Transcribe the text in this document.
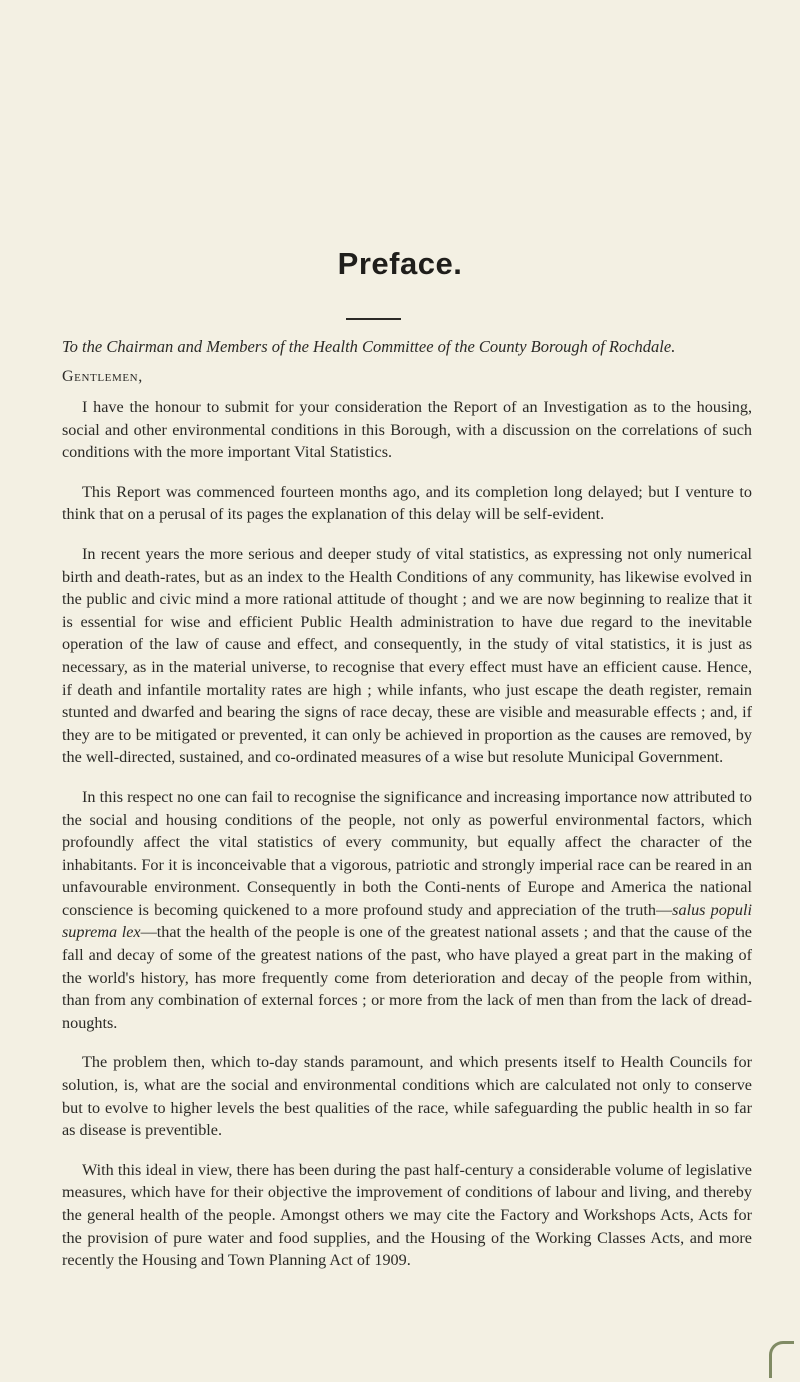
Preface.
To the Chairman and Members of the Health Committee of the County Borough of Rochdale.
Gentlemen,

I have the honour to submit for your consideration the Report of an Investigation as to the housing, social and other environmental conditions in this Borough, with a discussion on the correlations of such conditions with the more important Vital Statistics.

This Report was commenced fourteen months ago, and its completion long delayed; but I venture to think that on a perusal of its pages the explanation of this delay will be self-evident.

In recent years the more serious and deeper study of vital statistics, as expressing not only numerical birth and death-rates, but as an index to the Health Conditions of any community, has likewise evolved in the public and civic mind a more rational attitude of thought ; and we are now beginning to realize that it is essential for wise and efficient Public Health administration to have due regard to the inevitable operation of the law of cause and effect, and consequently, in the study of vital statistics, it is just as necessary, as in the material universe, to recognise that every effect must have an efficient cause. Hence, if death and infantile mortality rates are high ; while infants, who just escape the death register, remain stunted and dwarfed and bearing the signs of race decay, these are visible and measurable effects ; and, if they are to be mitigated or prevented, it can only be achieved in proportion as the causes are removed, by the well-directed, sustained, and co-ordinated measures of a wise but resolute Municipal Government.

In this respect no one can fail to recognise the significance and increasing importance now attributed to the social and housing conditions of the people, not only as powerful environmental factors, which profoundly affect the vital statistics of every community, but equally affect the character of the inhabitants. For it is inconceivable that a vigorous, patriotic and strongly imperial race can be reared in an unfavourable environment. Consequently in both the Conti-nents of Europe and America the national conscience is becoming quickened to a more profound study and appreciation of the truth—salus populi suprema lex—that the health of the people is one of the greatest national assets ; and that the cause of the fall and decay of some of the greatest nations of the past, who have played a great part in the making of the world's history, has more frequently come from deterioration and decay of the people from within, than from any combination of external forces ; or more from the lack of men than from the lack of dread-noughts.

The problem then, which to-day stands paramount, and which presents itself to Health Councils for solution, is, what are the social and environmental conditions which are calculated not only to conserve but to evolve to higher levels the best qualities of the race, while safeguarding the public health in so far as disease is preventible.

With this ideal in view, there has been during the past half-century a considerable volume of legislative measures, which have for their objective the improvement of conditions of labour and living, and thereby the general health of the people. Amongst others we may cite the Factory and Workshops Acts, Acts for the provision of pure water and food supplies, and the Housing of the Working Classes Acts, and more recently the Housing and Town Planning Act of 1909.
